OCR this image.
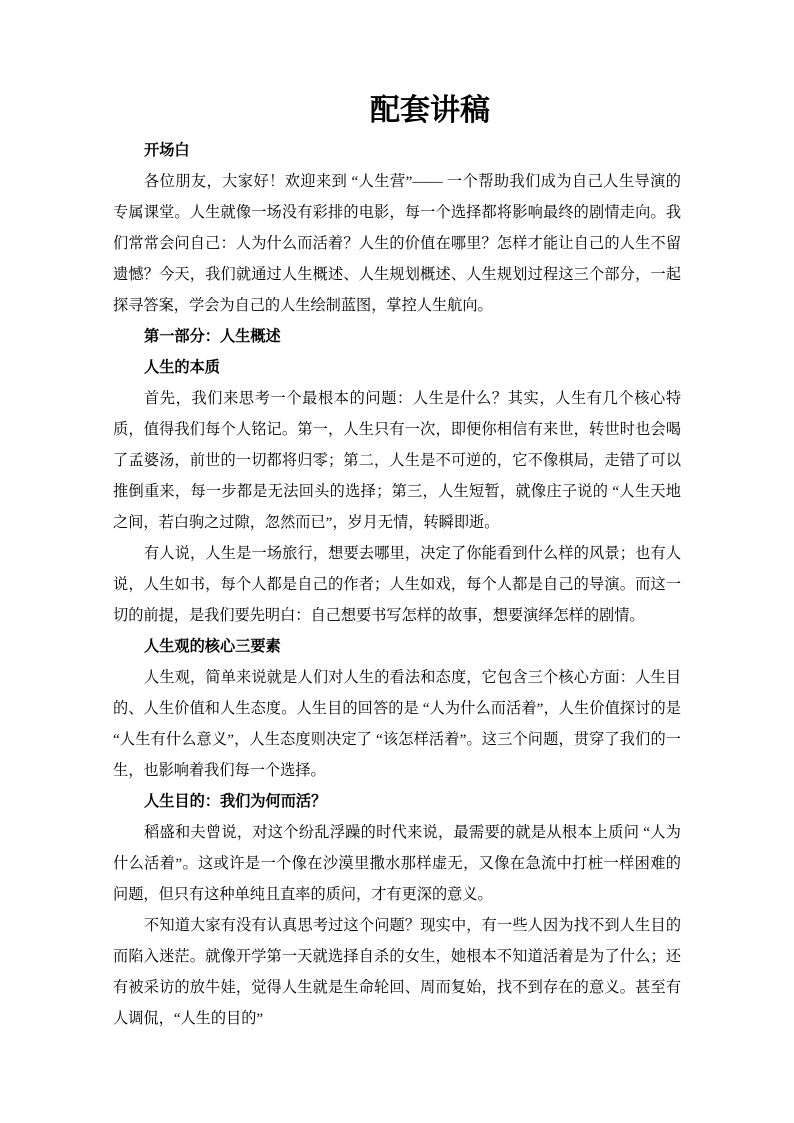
配套讲稿
开场白
各位朋友，大家好！欢迎来到 “人生营”—— 一个帮助我们成为自己人生导演的专属课堂。人生就像一场没有彩排的电影，每一个选择都将影响最终的剧情走向。我们常常会问自己：人为什么而活着？人生的价值在哪里？怎样才能让自己的人生不留遗憾？今天，我们就通过人生概述、人生规划概述、人生规划过程这三个部分，一起探寻答案，学会为自己的人生绘制蓝图，掌控人生航向。
第一部分：人生概述
人生的本质
首先，我们来思考一个最根本的问题：人生是什么？其实，人生有几个核心特质，值得我们每个人铭记。第一，人生只有一次，即便你相信有来世，转世时也会喝了孟婆汤，前世的一切都将归零；第二，人生是不可逆的，它不像棋局，走错了可以推倒重来，每一步都是无法回头的选择；第三，人生短暂，就像庄子说的 “人生天地之间，若白驹之过隙，忽然而已”，岁月无情，转瞬即逝。
有人说，人生是一场旅行，想要去哪里，决定了你能看到什么样的风景；也有人说，人生如书，每个人都是自己的作者；人生如戏，每个人都是自己的导演。而这一切的前提，是我们要先明白：自己想要书写怎样的故事，想要演绎怎样的剧情。
人生观的核心三要素
人生观，简单来说就是人们对人生的看法和态度，它包含三个核心方面：人生目的、人生价值和人生态度。人生目的回答的是 “人为什么而活着”，人生价值探讨的是 “人生有什么意义”，人生态度则决定了 “该怎样活着”。这三个问题，贯穿了我们的一生，也影响着我们每一个选择。
人生目的：我们为何而活？
稻盛和夫曾说，对这个纷乱浮躁的时代来说，最需要的就是从根本上质问 “人为什么活着”。这或许是一个像在沙漠里撒水那样虚无，又像在急流中打桩一样困难的问题，但只有这种单纯且直率的质问，才有更深的意义。
不知道大家有没有认真思考过这个问题？现实中，有一些人因为找不到人生目的而陷入迷茫。就像开学第一天就选择自杀的女生，她根本不知道活着是为了什么；还有被采访的放牛娃，觉得人生就是生命轮回、周而复始，找不到存在的意义。甚至有人调侃，“人生的目的”
